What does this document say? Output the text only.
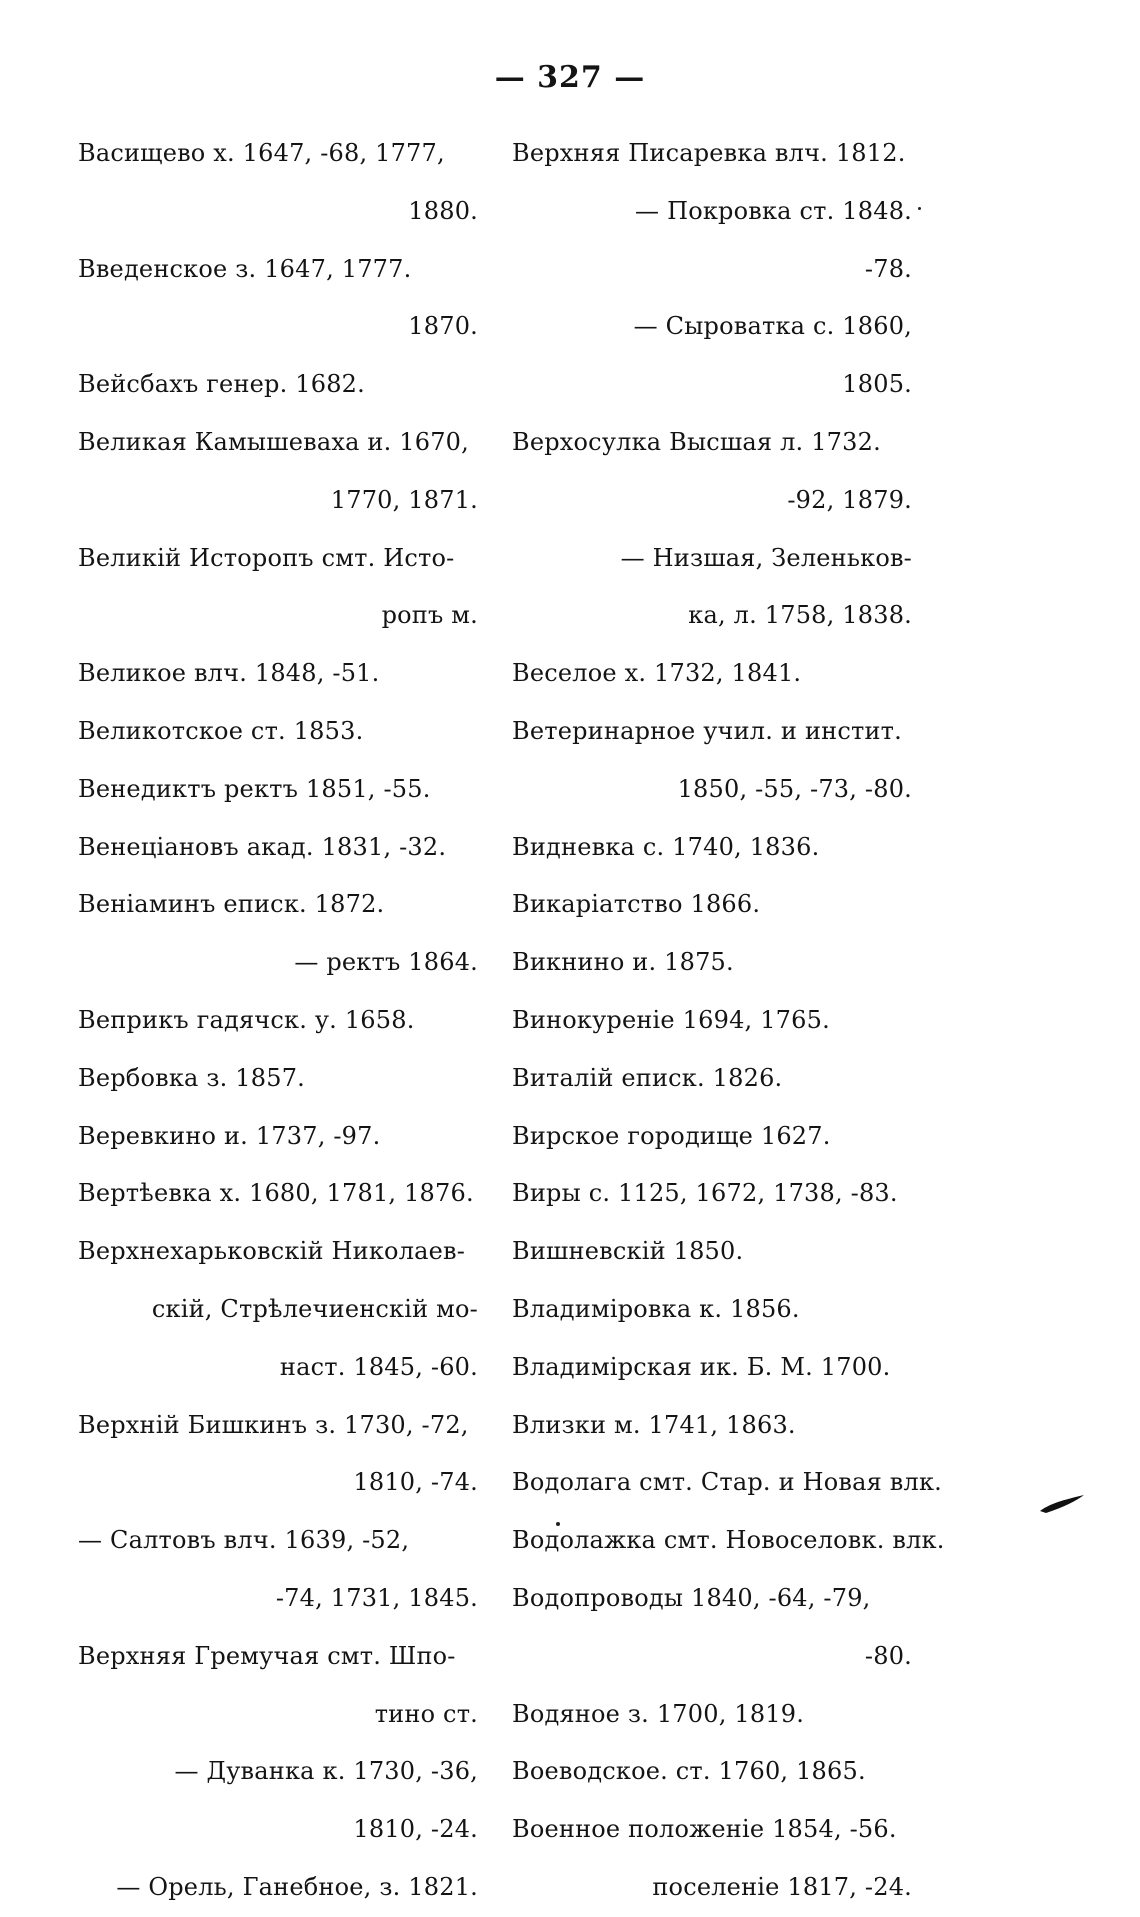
— 327 —
Васищево х. 1647, -68, 1777,
1880.
Введенское з. 1647, 1777.
1870.
Вейсбахъ генер. 1682.
Великая Камышеваха и. 1670,
1770, 1871.
Великій Исторопъ смт. Исто-
ропъ м.
Великое влч. 1848, -51.
Великотское ст. 1853.
Венедиктъ ректъ 1851, -55.
Венецiановъ акад. 1831, -32.
Веніаминъ еписк. 1872.
— ректъ 1864.
Веприкъ гадячск. у. 1658.
Вербовка з. 1857.
Веревкино и. 1737, -97.
Вертѣевка х. 1680, 1781, 1876.
Верхнехарьковскій Николаев-
скій, Стрѣлечиенскій мо-
наст. 1845, -60.
Верхній Бишкинъ з. 1730, -72,
1810, -74.
— Салтовъ влч. 1639, -52,
-74, 1731, 1845.
Верхняя Гремучая смт. Шпо-
тино ст.
— Дуванка к. 1730, -36,
1810, -24.
— Орель, Ганебное, з. 1821.
Верхняя Писаревка влч. 1812.
— Покровка ст. 1848.
-78.
— Сыроватка с. 1860,
1805.
Верхосулка Высшая л. 1732.
-92, 1879.
— Низшая, Зеленьков-
ка, л. 1758, 1838.
Веселое х. 1732, 1841.
Ветеринарное учил. и инстит.
1850, -55, -73, -80.
Видневка с. 1740, 1836.
Викаріатство 1866.
Викнино и. 1875.
Винокуреніе 1694, 1765.
Виталій еписк. 1826.
Вирское городище 1627.
Виры с. 1125, 1672, 1738, -83.
Вишневскій 1850.
Владиміровка к. 1856.
Владимірская ик. Б. М. 1700.
Влизки м. 1741, 1863.
Водолага смт. Стар. и Новая влк.
Водолажка смт. Новоселовк. влк.
Водопроводы 1840, -64, -79,
-80.
Водяное з. 1700, 1819.
Воеводское. ст. 1760, 1865.
Военное положеніе 1854, -56.
поселеніе 1817, -24.
